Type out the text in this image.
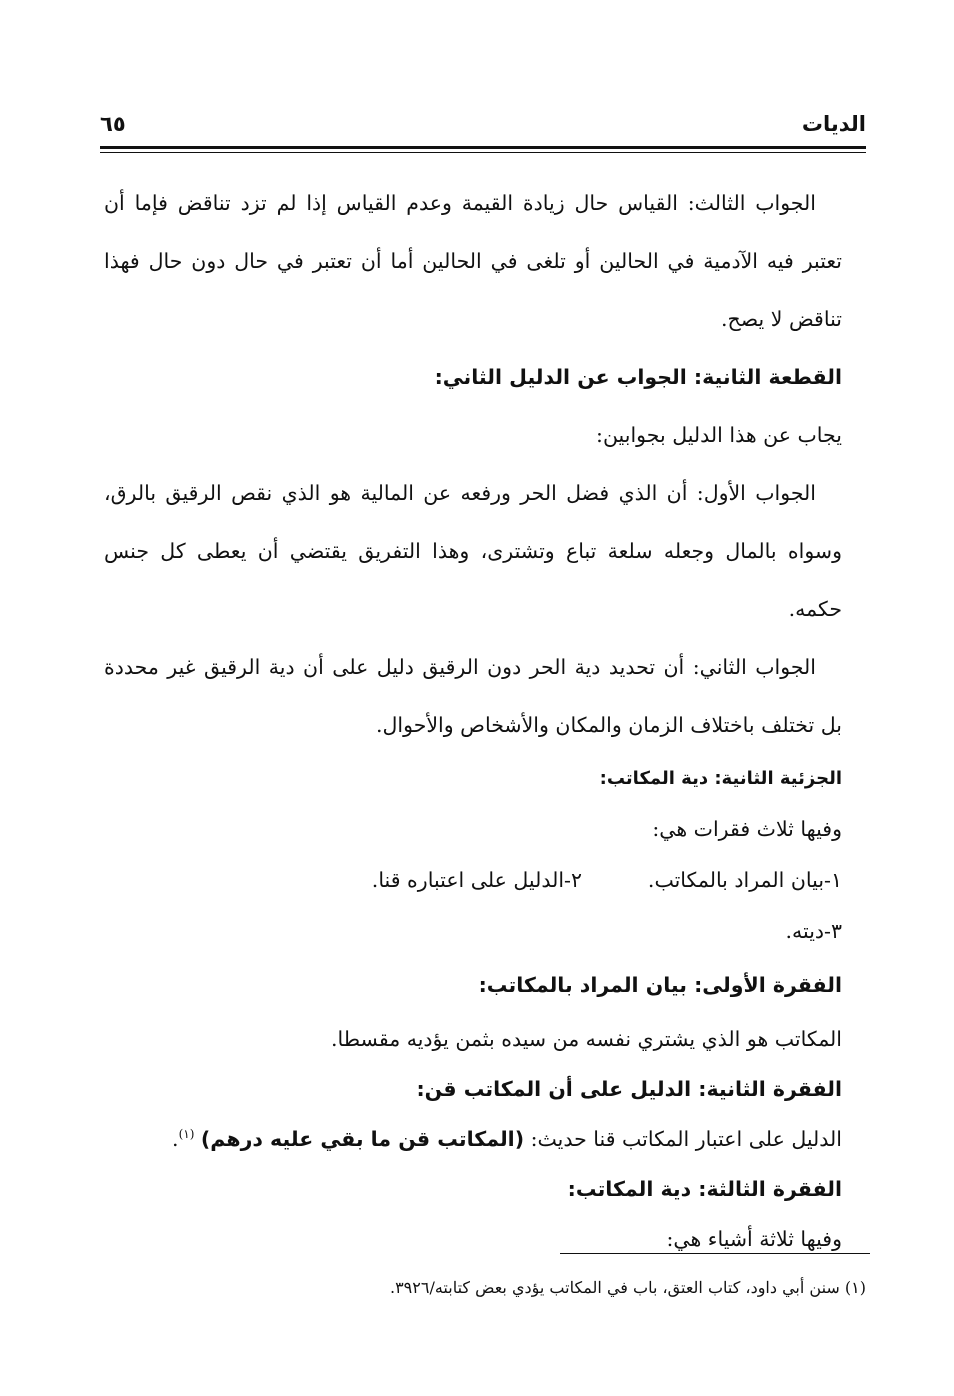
الديات
٦٥

الجواب الثالث: القياس حال زيادة القيمة وعدم القياس إذا لم تزد تناقض فإما أن تعتبر فيه الآدمية في الحالين أو تلغى في الحالين أما أن تعتبر في حال دون حال فهذا تناقض لا يصح.

القطعة الثانية: الجواب عن الدليل الثاني:

يجاب عن هذا الدليل بجوابين:

الجواب الأول: أن الذي فضل الحر ورفعه عن المالية هو الذي نقص الرقيق بالرق، وسواه بالمال وجعله سلعة تباع وتشترى، وهذا التفريق يقتضي أن يعطى كل جنس حكمه.

الجواب الثاني: أن تحديد دية الحر دون الرقيق دليل على أن دية الرقيق غير محددة بل تختلف باختلاف الزمان والمكان والأشخاص والأحوال.

الجزئية الثانية: دية المكاتب:

وفيها ثلاث فقرات هي:

١-بيان المراد بالمكاتب.
٢-الدليل على اعتباره قنا.

٣-ديته.

الفقرة الأولى: بيان المراد بالمكاتب:

المكاتب هو الذي يشتري نفسه من سيده بثمن يؤديه مقسطا.

الفقرة الثانية: الدليل على أن المكاتب قن:

الدليل على اعتبار المكاتب قنا حديث: (المكاتب قن ما بقي عليه درهم) $^{(١)}$.

الفقرة الثالثة: دية المكاتب:

وفيها ثلاثة أشياء هي:

(١) سنن أبي داود، كتاب العتق، باب في المكاتب يؤدي بعض كتابته/٣٩٢٦.
